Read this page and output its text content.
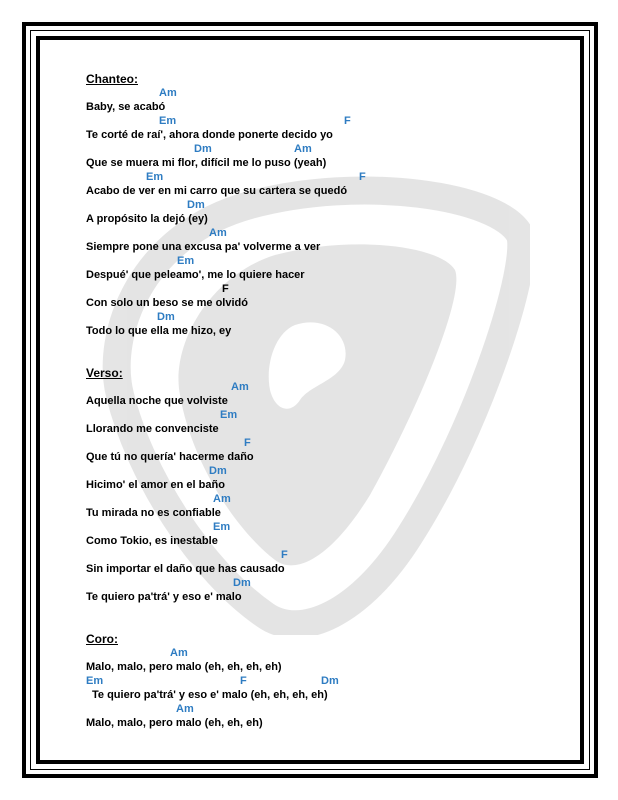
Chanteo:
Am
Baby, se acabó
Em	F
Te corté de raí', ahora donde ponerte decido yo
Dm	Am
Que se muera mi flor, difícil me lo puso (yeah)
Em	F
Acabo de ver en mi carro que su cartera se quedó
Dm
A propósito la dejó (ey)
Am
Siempre pone una excusa pa' volverme a ver
Em
Despué' que peleamo', me lo quiere hacer
F
Con solo un beso se me olvidó
Dm
Todo lo que ella me hizo, ey
Verso:
Am
Aquella noche que volviste
Em
Llorando me convenciste
F
Que tú no quería' hacerme daño
Dm
Hicimo' el amor en el baño
Am
Tu mirada no es confiable
Em
Como Tokio, es inestable
F
Sin importar el daño que has causado
Dm
Te quiero pa'trá' y eso e' malo
Coro:
Am
Malo, malo, pero malo (eh, eh, eh, eh)
Em	F	Dm
Te quiero pa'trá' y eso e' malo (eh, eh, eh, eh)
Am
Malo, malo, pero malo (eh, eh, eh)
